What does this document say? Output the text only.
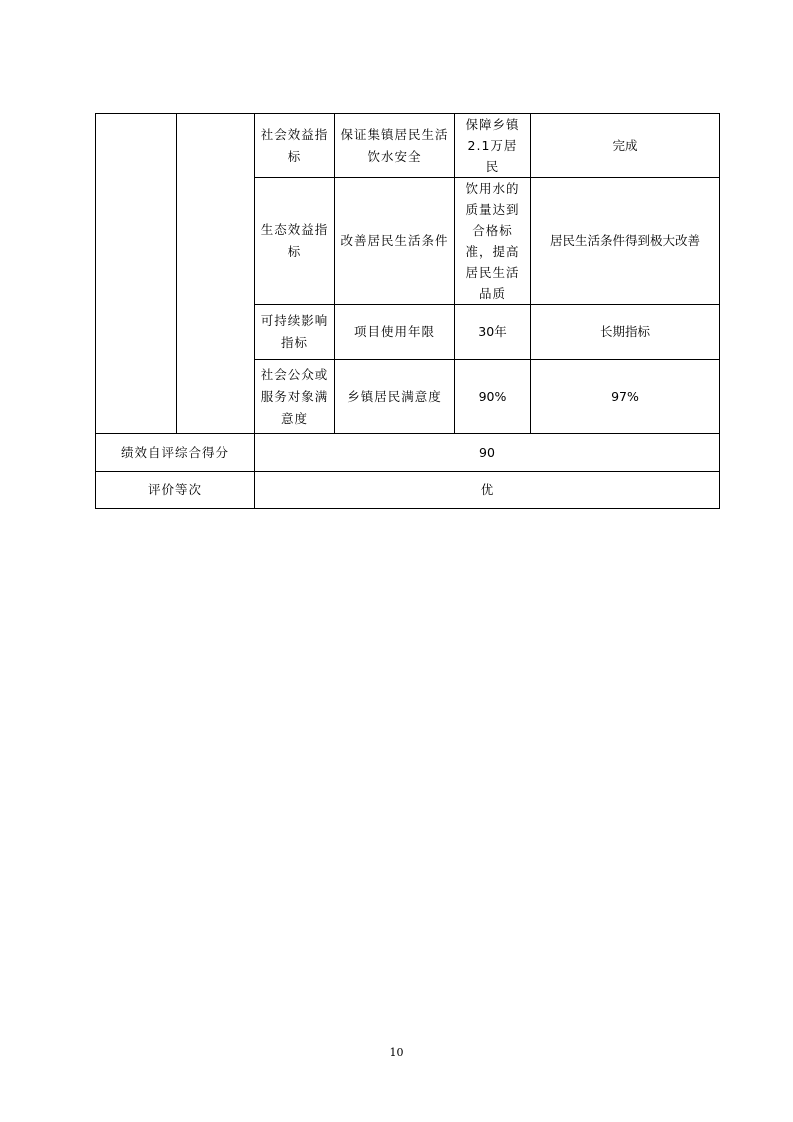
		社会效益指标	保证集镇居民生活饮水安全	保障乡镇2.1万居民	完成
		生态效益指标	改善居民生活条件	饮用水的质量达到合格标准，提高居民生活品质	居民生活条件得到极大改善
		可持续影响指标	项目使用年限	30年	长期指标
		社会公众或服务对象满意度	乡镇居民满意度	90%	97%
绩效自评综合得分		90			
评价等次		优			
10
